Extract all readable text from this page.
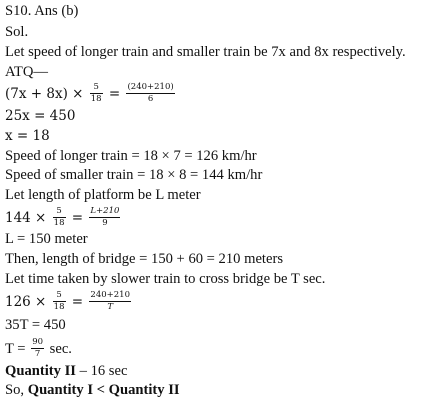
S10. Ans (b)
Sol.
Let speed of longer train and smaller train be 7x and 8x respectively.
ATQ—
$(7x + 8x) \times \frac{5}{18} = \frac{(240+210)}{6}$
25x = 450
x = 18
Speed of longer train = 18 × 7 = 126 km/hr
Speed of smaller train = 18 × 8 = 144 km/hr
Let length of platform be L meter
$144 \times \frac{5}{18} = \frac{L+210}{9}$
L = 150 meter
Then, length of bridge = 150 + 60 = 210 meters
Let time taken by slower train to cross bridge be T sec.
$126 \times \frac{5}{18} = \frac{240+210}{T}$
35T = 450
$T = \frac{90}{7} \sec$.
Quantity II – 16 sec
So, Quantity I < Quantity II
